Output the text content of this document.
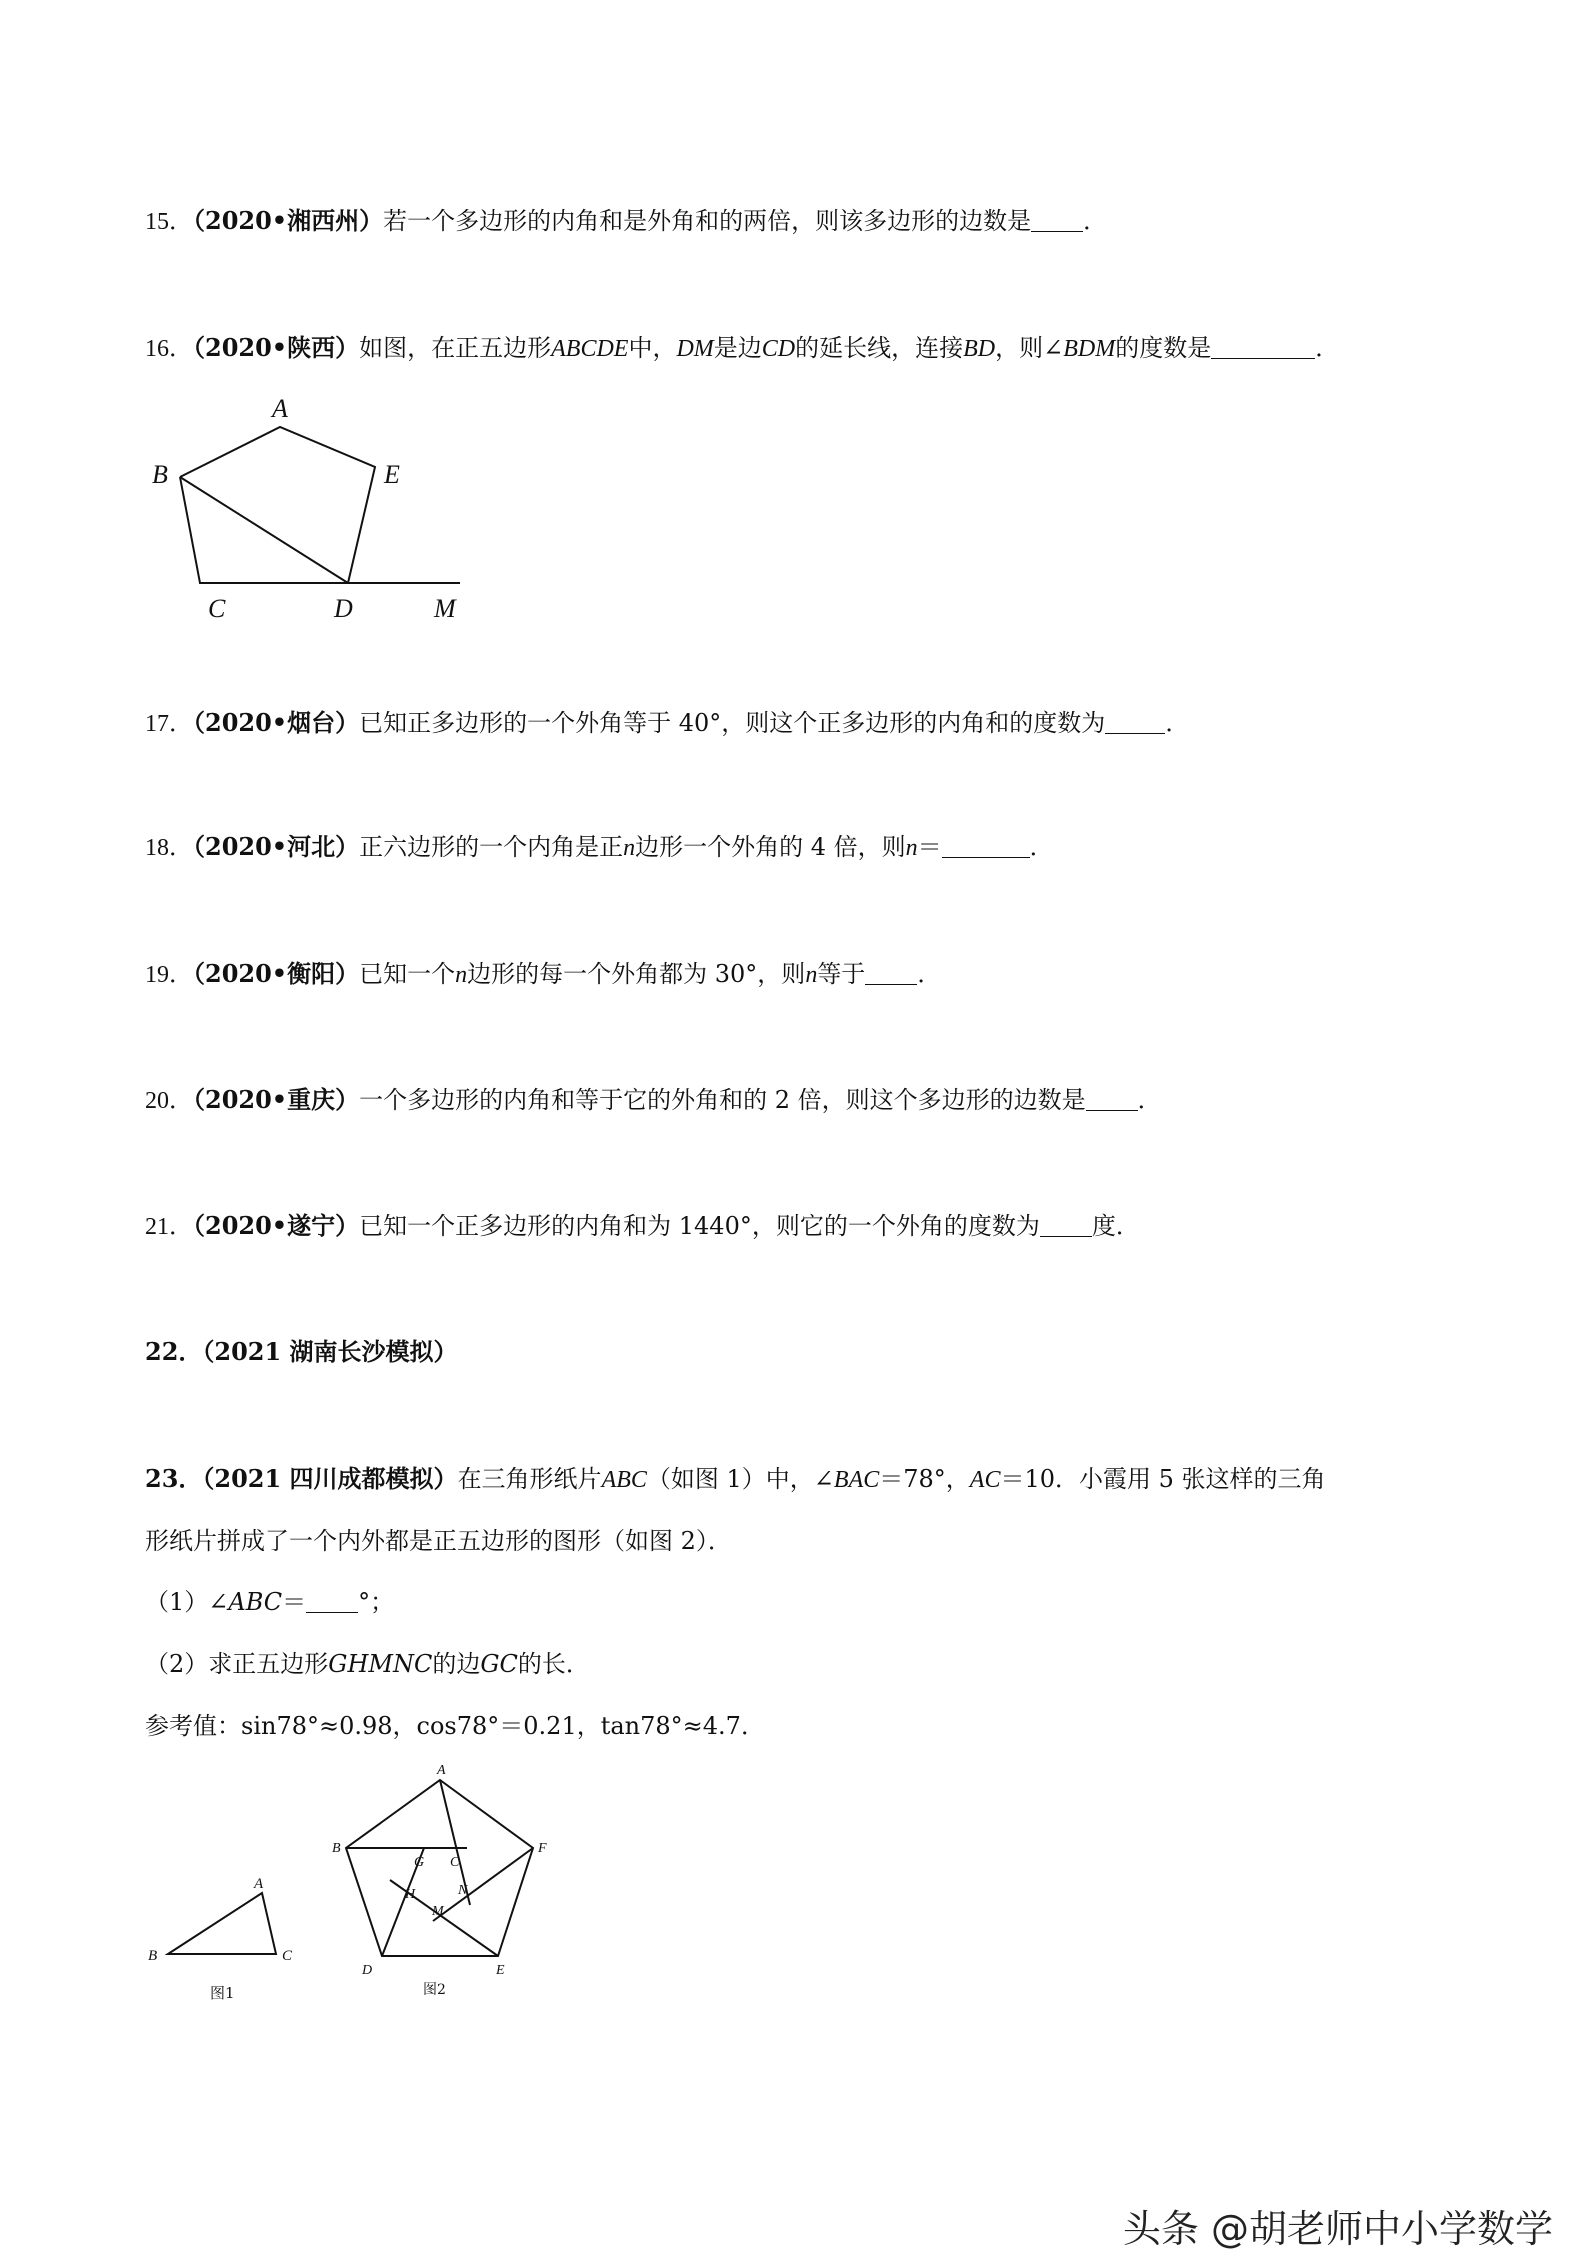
15．（2020•湘西州）若一个多边形的内角和是外角和的两倍，则该多边形的边数是 ．
16．（2020•陕西）如图，在正五边形ABCDE中，DM是边CD的延长线，连接BD，则∠BDM的度数是	．
A
B	E
C	D	M
17．（2020•烟台）已知正多边形的一个外角等于 40°，则这个正多边形的内角和的度数为	．
18．（2020•河北）正六边形的一个内角是正n边形一个外角的 4 倍，则n＝	．
19．（2020•衡阳）已知一个n边形的每一个外角都为 30°，则n等于 ．
20．（2020•重庆）一个多边形的内角和等于它的外角和的 2 倍，则这个多边形的边数是 ．
21．（2020•遂宁）已知一个正多边形的内角和为 1440°，则它的一个外角的度数为 度．
22．（2021 湖南长沙模拟）
23．（2021 四川成都模拟）在三角形纸片ABC（如图 1）中，∠BAC＝78°，AC＝10．小霞用 5 张这样的三角
形纸片拼成了一个内外都是正五边形的图形（如图 2）．
（1）∠ABC＝ °；
（2）求正五边形GHMNC的边GC的长．
参考值：sin78°≈0.98，cos78°＝0.21，tan78°≈4.7．
A
B	C
图1
A
B	F
D	E
G C
H	N
M
图2
头条 @胡老师中小学数学
